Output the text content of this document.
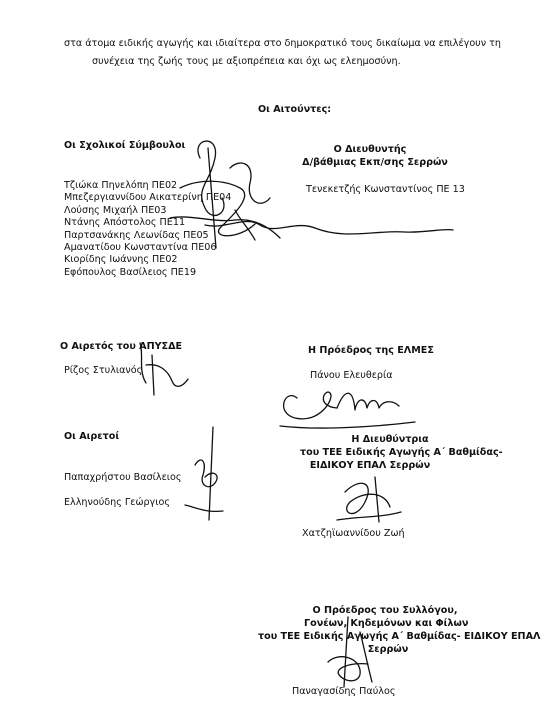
στα άτομα ειδικής αγωγής και ιδιαίτερα στο δημοκρατικό τους δικαίωμα να επιλέγουν τη
συνέχεια της ζωής τους με αξιοπρέπεια και όχι ως ελεημοσύνη.
Οι Αιτούντες:
Οι Σχολικοί Σύμβουλοι
Τζιώκα Πηνελόπη ΠΕ02
Μπεζεργιαννίδου Αικατερίνη ΠΕ04
Λούσης Μιχαήλ ΠΕ03
Ντάνης Απόστολος ΠΕ11
Παρτσανάκης Λεωνίδας ΠΕ05
Αμανατίδου Κωνσταντίνα ΠΕ06
Κιορίδης Ιωάννης ΠΕ02
Εφόπουλος Βασίλειος ΠΕ19
Ο Διευθυντής
Δ/βάθμιας Εκπ/σης Σερρών
Τενεκετζής Κωνσταντίνος ΠΕ 13
Ο Αιρετός του ΑΠΥΣΔΕ
Ρίζος Στυλιανός
Η Πρόεδρος της ΕΛΜΕΣ
Πάνου Ελευθερία
Οι Αιρετοί
Παπαχρήστου Βασίλειος
Ελληνούδης Γεώργιος
Η Διευθύντρια
του ΤΕΕ Ειδικής Αγωγής Α΄ Βαθμίδας-
ΕΙΔΙΚΟΥ ΕΠΑΛ Σερρών
Χατζηϊωαννίδου Ζωή
Ο Πρόεδρος του Συλλόγου,
Γονέων, Κηδεμόνων και Φίλων
του ΤΕΕ Ειδικής Αγωγής Α΄ Βαθμίδας- ΕΙΔΙΚΟΥ ΕΠΑΛ
Σερρών
Παναγασίδης Παύλος
